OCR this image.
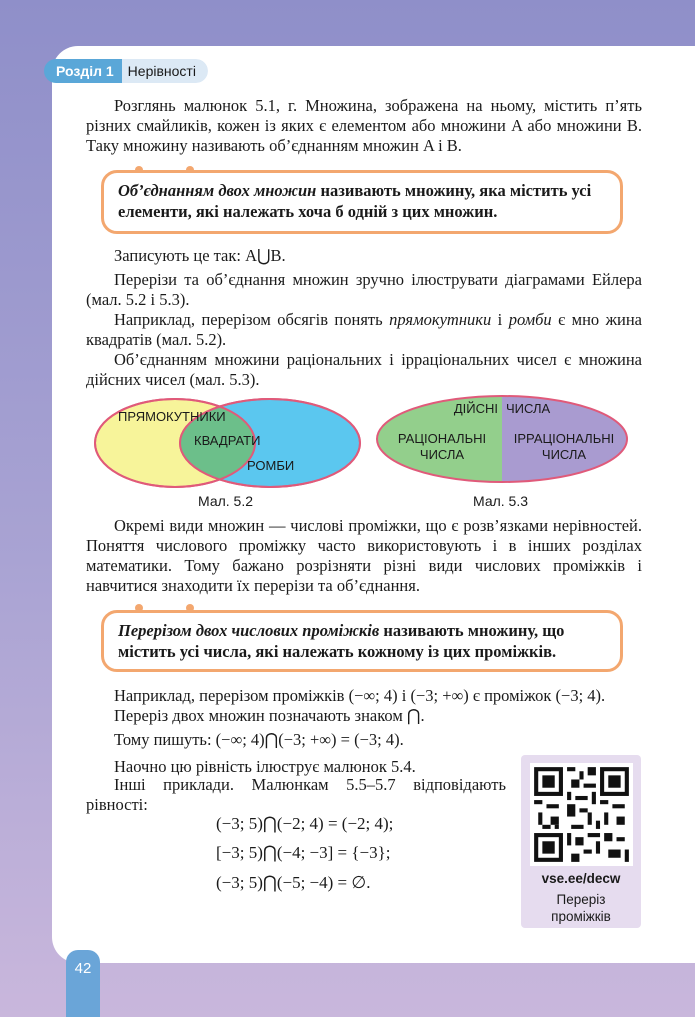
Розділ 1	Нерівності
Розглянь малюнок 5.1, г. Множина, зображена на ньому, містить п’ять різних смайликів, кожен із яких є елементом або множини A або множини B. Таку множину називають об’єднанням множин A і B.
Об’єднанням двох множин називають множину, яка містить усі елементи, які належать хоча б одній з цих множин.
Записують це так: A⋃B.
Перерізи та об’єднання множин зручно ілюструвати діаграмами Ейлера (мал. 5.2 і 5.3).
Наприклад, перерізом обсягів понять прямокутники і ромби є мно жина квадратів (мал. 5.2).
Об’єднанням множини раціональних і ірраціональних чисел є множина дійсних чисел (мал. 5.3).
ПРЯМОКУТНИКИ
КВАДРАТИ
РОМБИ
Мал. 5.2
ДІЙСНІ ЧИСЛА
РАЦІОНАЛЬНІ
ЧИСЛА
ІРРАЦІОНАЛЬНІ
ЧИСЛА
Мал. 5.3
Окремі види множин — числові проміжки, що є розв’язками нерівностей. Поняття числового проміжку часто використовують і в інших розділах математики. Тому бажано розрізняти різні види числових проміжків і навчитися знаходити їх перерізи та об’єднання.
Перерізом двох числових проміжків називають множину, що містить усі числа, які належать кожному із цих проміжків.
Наприклад, перерізом проміжків (−∞; 4) і (−3; +∞) є проміжок (−3; 4).
Переріз двох множин позначають знаком ⋂.
Тому пишуть: (−∞; 4)⋂(−3; +∞) = (−3; 4).
Наочно цю рівність ілюструє малюнок 5.4.
Інші приклади. Малюнкам 5.5–5.7 відповідають рівності:
(−3; 5)⋂(−2; 4) = (−2; 4);
[−3; 5)⋂(−4; −3] = {−3};
(−3; 5)⋂(−5; −4) = ∅.	vse.ee/decw
Переріз
проміжків
42
